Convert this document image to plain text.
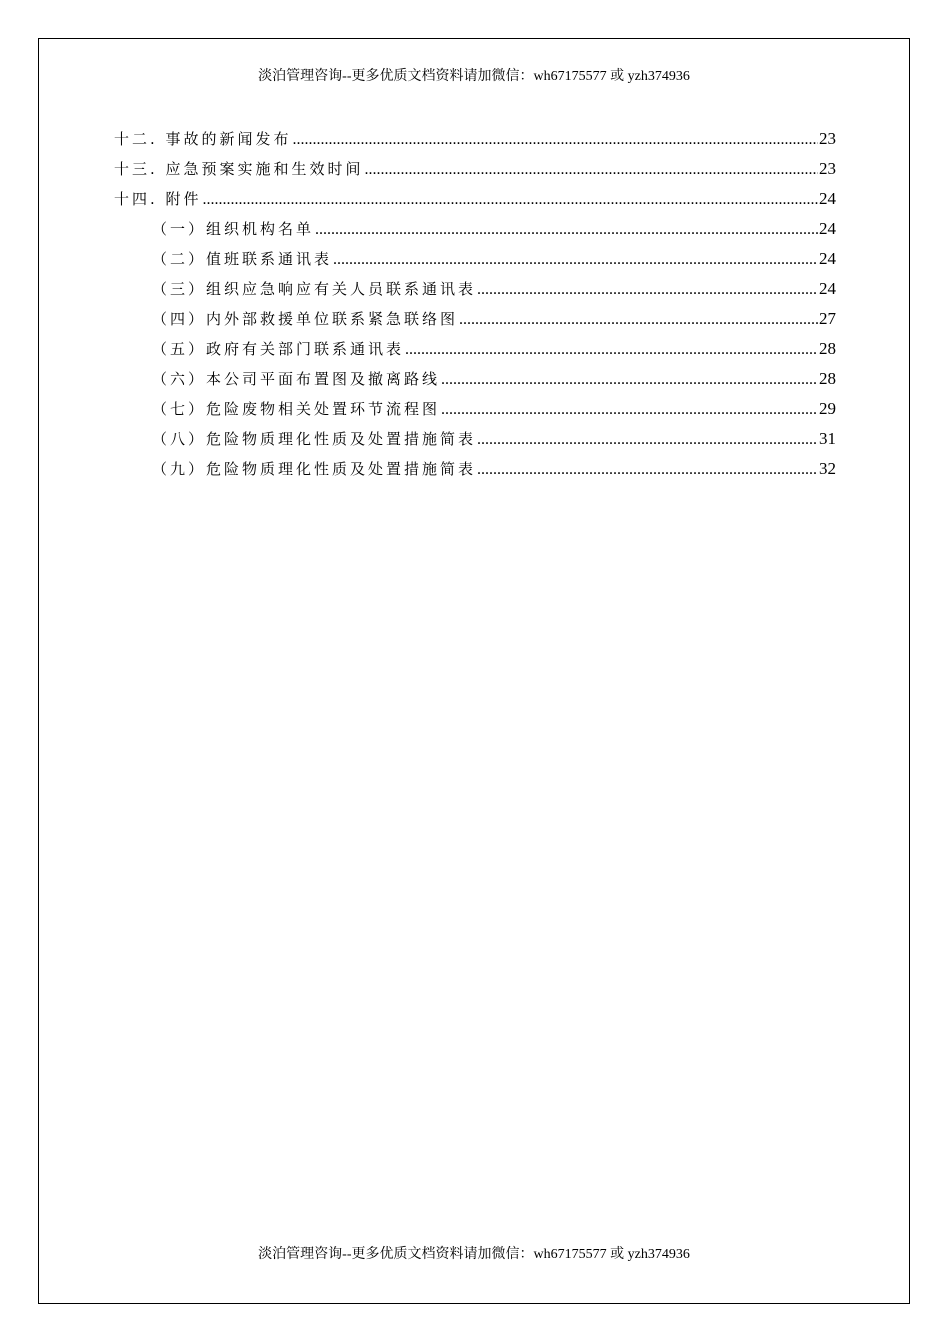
淡泊管理咨询--更多优质文档资料请加微信：wh67175577 或 yzh374936
十二. 事故的新闻发布 .....	23
十三. 应急预案实施和生效时间 .....	23
十四. 附件 .....	24
（一）组织机构名单 .....	24
（二）值班联系通讯表 .....	24
（三）组织应急响应有关人员联系通讯表 .....	24
（四）内外部救援单位联系紧急联络图 .....	27
（五）政府有关部门联系通讯表 .....	28
（六）本公司平面布置图及撤离路线 .....	28
（七）危险废物相关处置环节流程图 .....	29
（八）危险物质理化性质及处置措施简表 .....	31
（九）危险物质理化性质及处置措施简表 .....	32
淡泊管理咨询--更多优质文档资料请加微信：wh67175577 或 yzh374936
